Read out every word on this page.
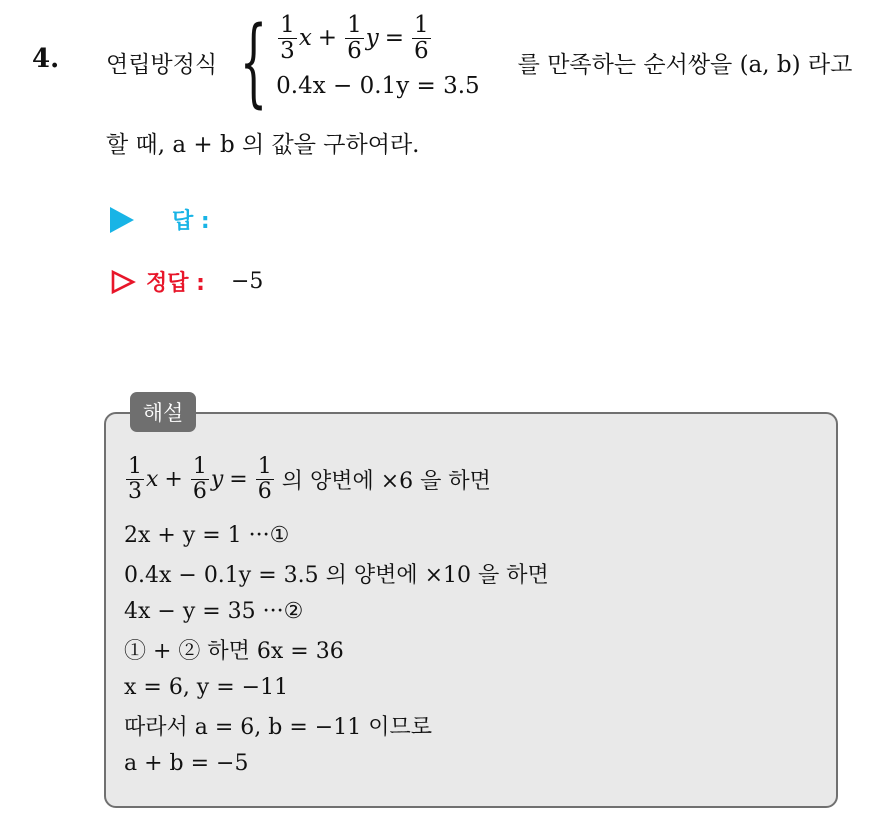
4. 연립방정식 { $\frac{1}{3}$ $x + \frac{1}{6}$ $y = \frac{1}{6}$
0.4x − 0.1y = 3.5
를 만족하는 순서쌍을 (a, b) 라고
할 때, a + b 의 값을 구하여라.
답 :
정답 : −5
해설
$\frac{1}{3}$ $x + \frac{1}{6}$ $y = \frac{1}{6}$ 의 양변에 ×6 을 하면
2x + y = 1 ···①
0.4x − 0.1y = 3.5 의 양변에 ×10 을 하면
4x − y = 35 ···②
① + ② 하면 6x = 36
x = 6, y = −11
따라서 a = 6, b = −11 이므로
a + b = −5
